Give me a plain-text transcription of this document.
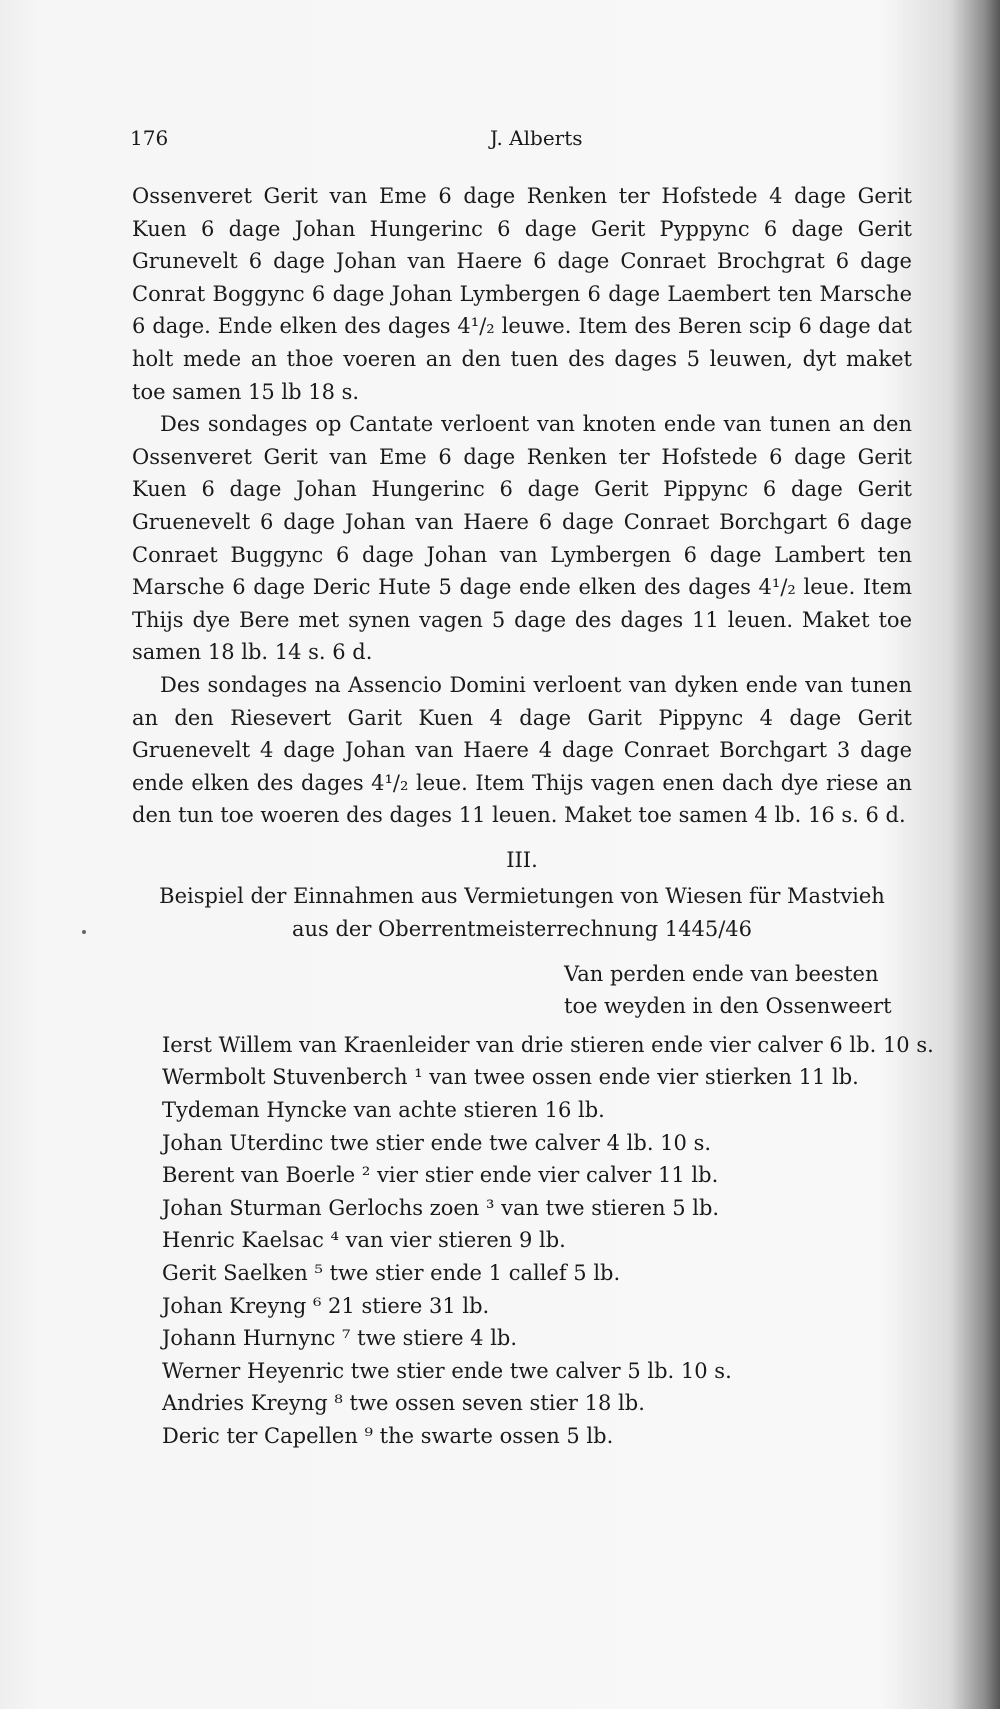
176	J. Alberts

Ossenveret Gerit van Eme 6 dage Renken ter Hofstede 4 dage Gerit Kuen 6 dage Johan Hungerinc 6 dage Gerit Pyppync 6 dage Gerit Grunevelt 6 dage Johan van Haere 6 dage Conraet Brochgrat 6 dage Conrat Boggync 6 dage Johan Lymbergen 6 dage Laembert ten Marsche 6 dage. Ende elken des dages 4¹/₂ leuwe. Item des Beren scip 6 dage dat holt mede an thoe voeren an den tuen des dages 5 leuwen, dyt maket toe samen 15 lb 18 s.

Des sondages op Cantate verloent van knoten ende van tunen an den Ossenveret Gerit van Eme 6 dage Renken ter Hofstede 6 dage Gerit Kuen 6 dage Johan Hungerinc 6 dage Gerit Pippync 6 dage Gerit Gruenevelt 6 dage Johan van Haere 6 dage Conraet Borchgart 6 dage Conraet Buggync 6 dage Johan van Lymbergen 6 dage Lambert ten Marsche 6 dage Deric Hute 5 dage ende elken des dages 4¹/₂ leue. Item Thijs dye Bere met synen vagen 5 dage des dages 11 leuen. Maket toe samen 18 lb. 14 s. 6 d.

Des sondages na Assencio Domini verloent van dyken ende van tunen an den Riesevert Garit Kuen 4 dage Garit Pippync 4 dage Gerit Gruenevelt 4 dage Johan van Haere 4 dage Conraet Borchgart 3 dage ende elken des dages 4¹/₂ leue. Item Thijs vagen enen dach dye riese an den tun toe woeren des dages 11 leuen. Maket toe samen 4 lb. 16 s. 6 d.

III.

Beispiel der Einnahmen aus Vermietungen von Wiesen für Mastvieh aus der Oberrentmeisterrechnung 1445/46

Van perden ende van beesten
toe weyden in den Ossenweert

Ierst Willem van Kraenleider van drie stieren ende vier calver 6 lb. 10 s.

Wermbolt Stuvenberch ¹ van twee ossen ende vier stierken 11 lb.

Tydeman Hyncke van achte stieren 16 lb.

Johan Uterdinc twe stier ende twe calver 4 lb. 10 s.

Berent van Boerle ² vier stier ende vier calver 11 lb.

Johan Sturman Gerlochs zoen ³ van twe stieren 5 lb.

Henric Kaelsac ⁴ van vier stieren 9 lb.

Gerit Saelken ⁵ twe stier ende 1 callef 5 lb.

Johan Kreyng ⁶ 21 stiere 31 lb.

Johann Hurnync ⁷ twe stiere 4 lb.

Werner Heyenric twe stier ende twe calver 5 lb. 10 s.

Andries Kreyng ⁸ twe ossen seven stier 18 lb.

Deric ter Capellen ⁹ the swarte ossen 5 lb.
